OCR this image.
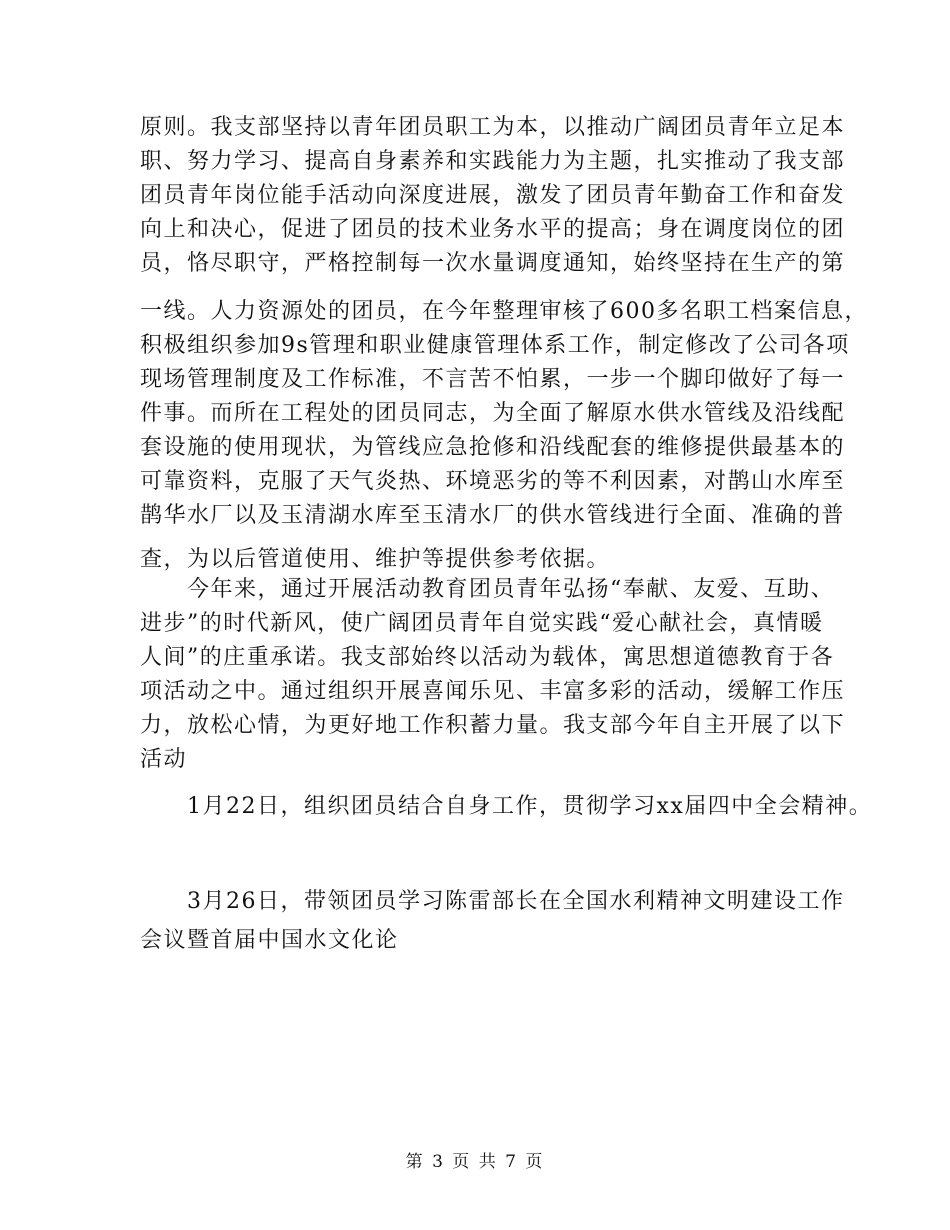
原则。我支部坚持以青年团员职工为本，以推动广阔团员青年立足本
职、努力学习、提高自身素养和实践能力为主题，扎实推动了我支部
团员青年岗位能手活动向深度进展，激发了团员青年勤奋工作和奋发
向上和决心，促进了团员的技术业务水平的提高；身在调度岗位的团
员，恪尽职守，严格控制每一次水量调度通知，始终坚持在生产的第
一线。人力资源处的团员，在今年整理审核了600多名职工档案信息，
积极组织参加9s管理和职业健康管理体系工作，制定修改了公司各项
现场管理制度及工作标准，不言苦不怕累，一步一个脚印做好了每一
件事。而所在工程处的团员同志，为全面了解原水供水管线及沿线配
套设施的使用现状，为管线应急抢修和沿线配套的维修提供最基本的
可靠资料，克服了天气炎热、环境恶劣的等不利因素，对鹊山水库至
鹊华水厂以及玉清湖水库至玉清水厂的供水管线进行全面、准确的普
查，为以后管道使用、维护等提供参考依据。
　　今年来，通过开展活动教育团员青年弘扬“奉献、友爱、互助、
进步”的时代新风，使广阔团员青年自觉实践“爱心献社会，真情暖
人间”的庄重承诺。我支部始终以活动为载体，寓思想道德教育于各
项活动之中。通过组织开展喜闻乐见、丰富多彩的活动，缓解工作压
力，放松心情，为更好地工作积蓄力量。我支部今年自主开展了以下
活动
　　1月22日，组织团员结合自身工作，贯彻学习xx届四中全会精神。
　　3月26日，带领团员学习陈雷部长在全国水利精神文明建设工作
会议暨首届中国水文化论
第 3 页 共 7 页
